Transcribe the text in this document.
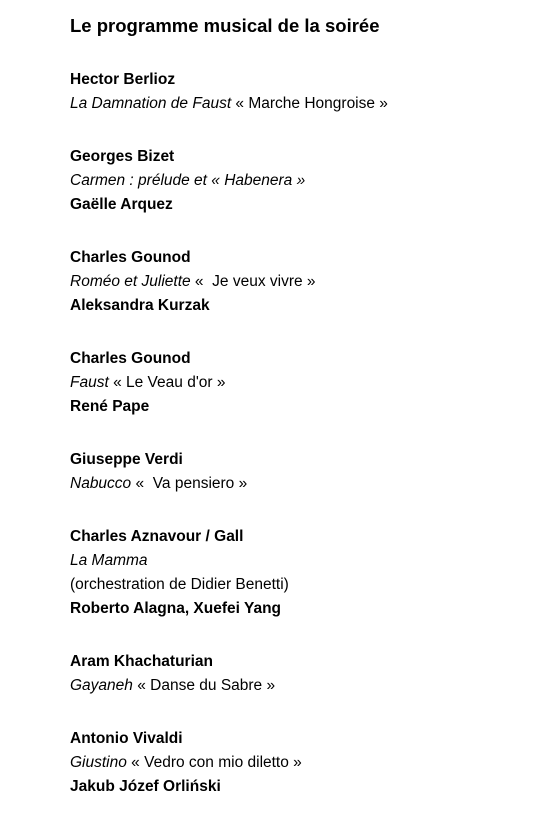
Le programme musical de la soirée
Hector Berlioz
La Damnation de Faust « Marche Hongroise »
Georges Bizet
Carmen : prélude et « Habenera »
Gaëlle Arquez
Charles Gounod
Roméo et Juliette «  Je veux vivre »
Aleksandra Kurzak
Charles Gounod
Faust « Le Veau d'or »
René Pape
Giuseppe Verdi
Nabucco «  Va pensiero »
Charles Aznavour / Gall
La Mamma
(orchestration de Didier Benetti)
Roberto Alagna, Xuefei Yang
Aram Khachaturian
Gayaneh « Danse du Sabre »
Antonio Vivaldi
Giustino « Vedro con mio diletto »
Jakub Józef Orliński
